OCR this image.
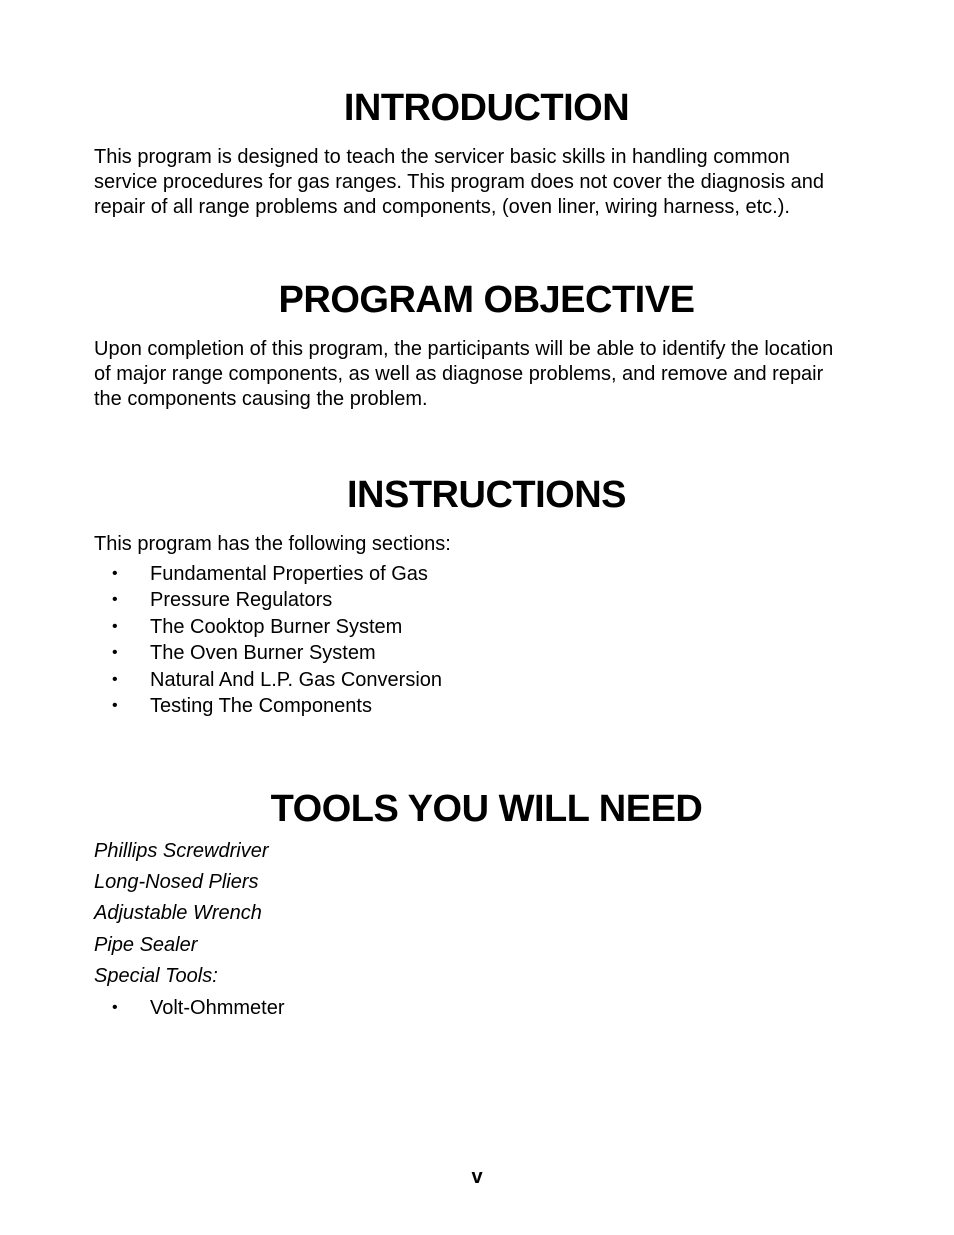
INTRODUCTION
This program is designed to teach the servicer basic skills in handling common
service procedures for gas ranges. This program does not cover the diagnosis and
repair of all range problems and components, (oven liner, wiring harness, etc.).
PROGRAM OBJECTIVE
Upon completion of this program, the participants will be able to identify the location
of major range components, as well as diagnose problems, and remove and repair
the components causing the problem.
INSTRUCTIONS
This program has the following sections:
• Fundamental Properties of Gas
• Pressure Regulators
• The Cooktop Burner System
• The Oven Burner System
• Natural And L.P. Gas Conversion
• Testing The Components
TOOLS YOU WILL NEED
Phillips Screwdriver
Long-Nosed Pliers
Adjustable Wrench
Pipe Sealer
Special Tools:
• Volt-Ohmmeter
v
